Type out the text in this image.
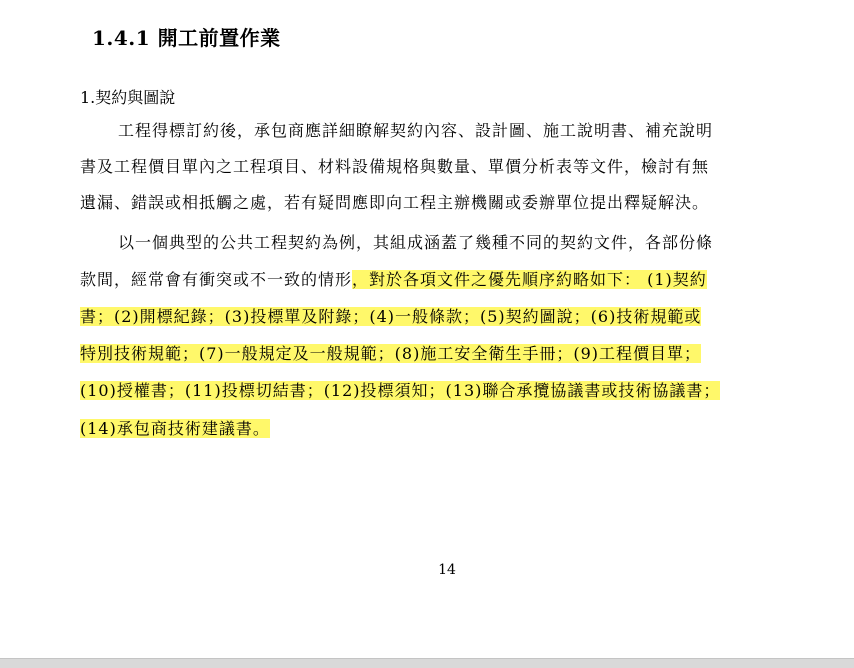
1.4.1 開工前置作業
1.契約與圖說
工程得標訂約後，承包商應詳細瞭解契約內容、設計圖、施工說明書、補充說明
書及工程價目單內之工程項目、材料設備規格與數量、單價分析表等文件，檢討有無
遺漏、錯誤或相抵觸之處，若有疑問應即向工程主辦機關或委辦單位提出釋疑解決。
以一個典型的公共工程契約為例，其組成涵蓋了幾種不同的契約文件，各部份條
款間，經常會有衝突或不一致的情形，對於各項文件之優先順序約略如下： (1)契約
書；(2)開標紀錄；(3)投標單及附錄；(4)一般條款；(5)契約圖說；(6)技術規範或
特別技術規範；(7)一般規定及一般規範；(8)施工安全衛生手冊；(9)工程價目單；
(10)授權書；(11)投標切結書；(12)投標須知；(13)聯合承攬協議書或技術協議書；
(14)承包商技術建議書。
14
